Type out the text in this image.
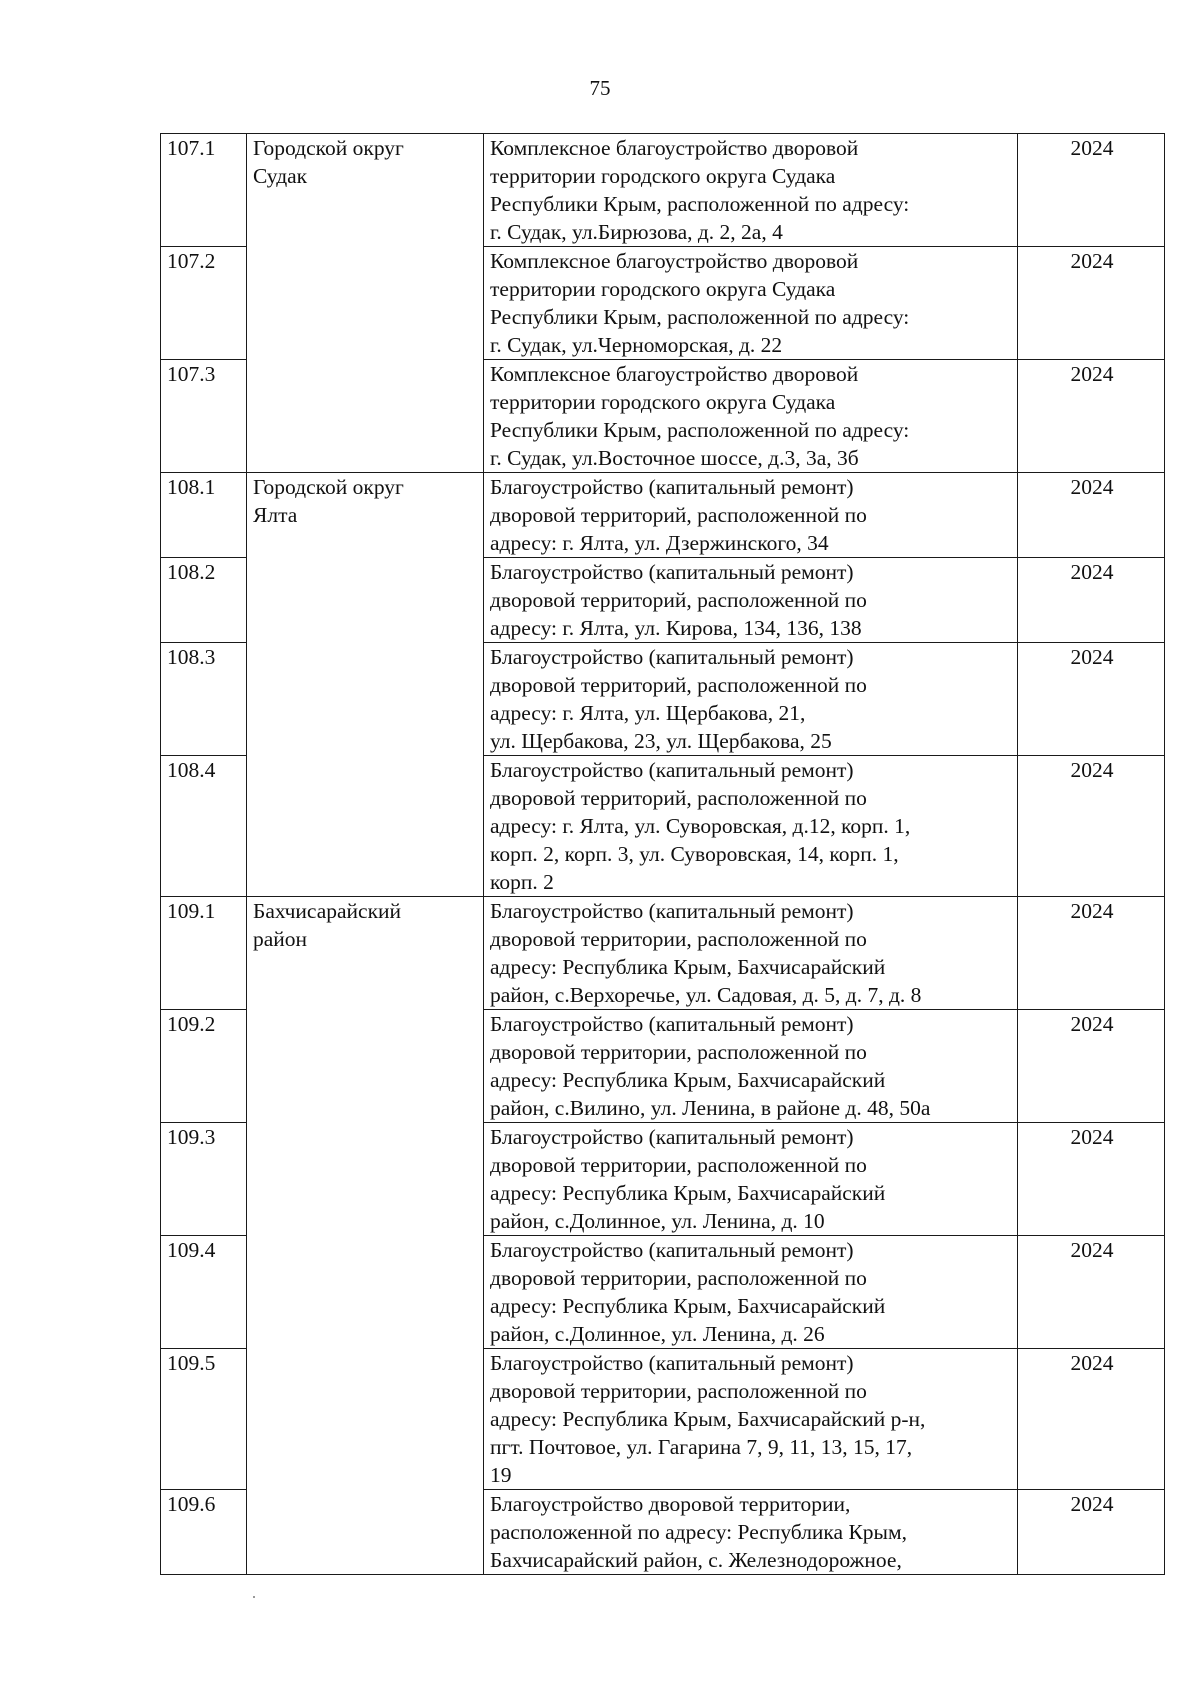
75
107.1	Городской округ
Судак	Комплексное благоустройство дворовой
территории городского округа Судака
Республики Крым, расположенной по адресу:
г. Судак, ул.Бирюзова, д. 2, 2а, 4	2024
107.2		Комплексное благоустройство дворовой
территории городского округа Судака
Республики Крым, расположенной по адресу:
г. Судак, ул.Черноморская, д. 22	2024
107.3		Комплексное благоустройство дворовой
территории городского округа Судака
Республики Крым, расположенной по адресу:
г. Судак, ул.Восточное шоссе, д.3, 3а, 3б	2024
108.1	Городской округ
Ялта	Благоустройство (капитальный ремонт)
дворовой территорий, расположенной по
адресу: г. Ялта, ул. Дзержинского, 34	2024
108.2		Благоустройство (капитальный ремонт)
дворовой территорий, расположенной по
адресу: г. Ялта, ул. Кирова, 134, 136, 138	2024
108.3		Благоустройство (капитальный ремонт)
дворовой территорий, расположенной по
адресу: г. Ялта, ул. Щербакова, 21,
ул. Щербакова, 23, ул. Щербакова, 25	2024
108.4		Благоустройство (капитальный ремонт)
дворовой территорий, расположенной по
адресу: г. Ялта, ул. Суворовская, д.12, корп. 1,
корп. 2, корп. 3, ул. Суворовская, 14, корп. 1,
корп. 2	2024
109.1	Бахчисарайский
район	Благоустройство (капитальный ремонт)
дворовой территории, расположенной по
адресу: Республика Крым, Бахчисарайский
район, с.Верхоречье, ул. Садовая, д. 5, д. 7, д. 8	2024
109.2		Благоустройство (капитальный ремонт)
дворовой территории, расположенной по
адресу: Республика Крым, Бахчисарайский
район, с.Вилино, ул. Ленина, в районе д. 48, 50а	2024
109.3		Благоустройство (капитальный ремонт)
дворовой территории, расположенной по
адресу: Республика Крым, Бахчисарайский
район, с.Долинное, ул. Ленина, д. 10	2024
109.4		Благоустройство (капитальный ремонт)
дворовой территории, расположенной по
адресу: Республика Крым, Бахчисарайский
район, с.Долинное, ул. Ленина, д. 26	2024
109.5		Благоустройство (капитальный ремонт)
дворовой территории, расположенной по
адресу: Республика Крым, Бахчисарайский р-н,
пгт. Почтовое, ул. Гагарина 7, 9, 11, 13, 15, 17,
19	2024
109.6		Благоустройство дворовой территории,
расположенной по адресу: Республика Крым,
Бахчисарайский район, с. Железнодорожное,	2024
